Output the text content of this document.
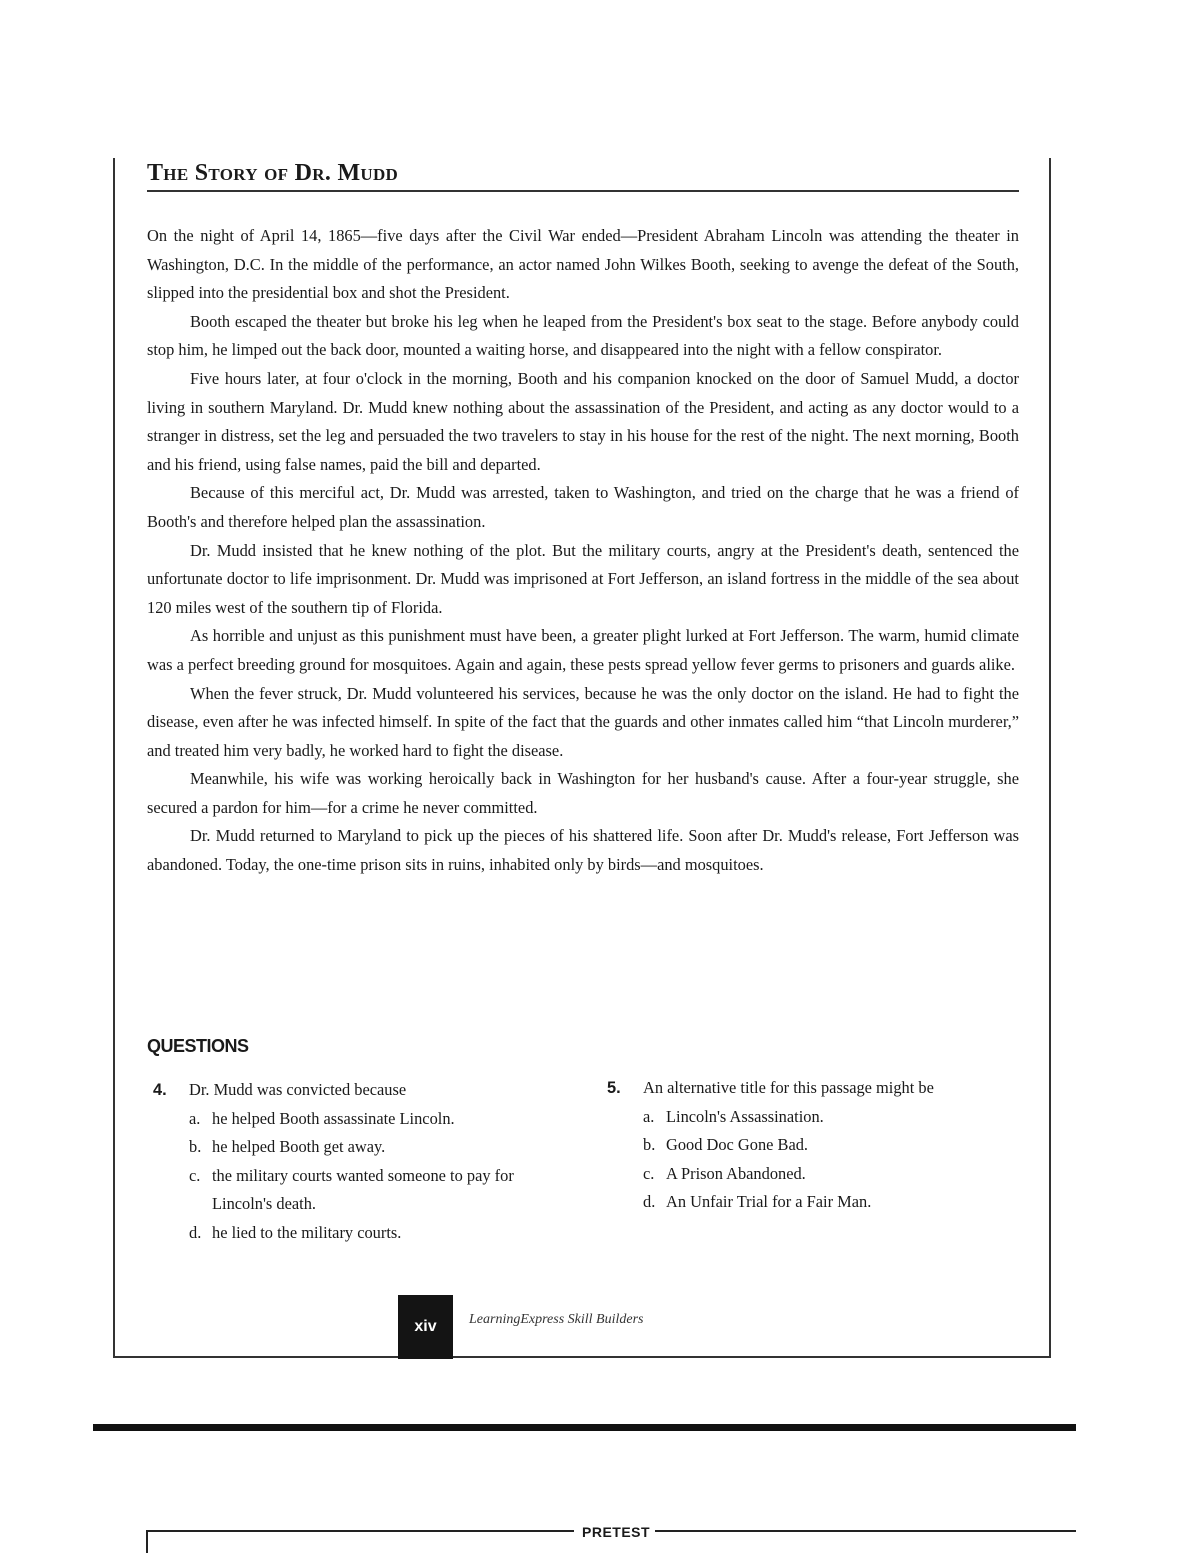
The Story of Dr. Mudd

On the night of April 14, 1865—five days after the Civil War ended—President Abraham Lincoln was attending the theater in Washington, D.C. In the middle of the performance, an actor named John Wilkes Booth, seeking to avenge the defeat of the South, slipped into the presidential box and shot the President.

Booth escaped the theater but broke his leg when he leaped from the President's box seat to the stage. Before anybody could stop him, he limped out the back door, mounted a waiting horse, and disappeared into the night with a fellow conspirator.

Five hours later, at four o'clock in the morning, Booth and his companion knocked on the door of Samuel Mudd, a doctor living in southern Maryland. Dr. Mudd knew nothing about the assassination of the President, and acting as any doctor would to a stranger in distress, set the leg and persuaded the two travelers to stay in his house for the rest of the night. The next morning, Booth and his friend, using false names, paid the bill and departed.

Because of this merciful act, Dr. Mudd was arrested, taken to Washington, and tried on the charge that he was a friend of Booth's and therefore helped plan the assassination.

Dr. Mudd insisted that he knew nothing of the plot. But the military courts, angry at the President's death, sentenced the unfortunate doctor to life imprisonment. Dr. Mudd was imprisoned at Fort Jefferson, an island fortress in the middle of the sea about 120 miles west of the southern tip of Florida.

As horrible and unjust as this punishment must have been, a greater plight lurked at Fort Jefferson. The warm, humid climate was a perfect breeding ground for mosquitoes. Again and again, these pests spread yellow fever germs to prisoners and guards alike.

When the fever struck, Dr. Mudd volunteered his services, because he was the only doctor on the island. He had to fight the disease, even after he was infected himself. In spite of the fact that the guards and other inmates called him “that Lincoln murderer,” and treated him very badly, he worked hard to fight the disease.

Meanwhile, his wife was working heroically back in Washington for her husband's cause. After a four-year struggle, she secured a pardon for him—for a crime he never committed.

Dr. Mudd returned to Maryland to pick up the pieces of his shattered life. Soon after Dr. Mudd's release, Fort Jefferson was abandoned. Today, the one-time prison sits in ruins, inhabited only by birds—and mosquitoes.

QUESTIONS
4.	Dr. Mudd was convicted because
a. he helped Booth assassinate Lincoln.
b. he helped Booth get away.
c. the military courts wanted someone to pay for Lincoln's death.
d. he lied to the military courts.
5.	An alternative title for this passage might be
a. Lincoln's Assassination.
b. Good Doc Gone Bad.
c. A Prison Abandoned.
d. An Unfair Trial for a Fair Man.
xiv LearningExpress Skill Builders
PRETEST
